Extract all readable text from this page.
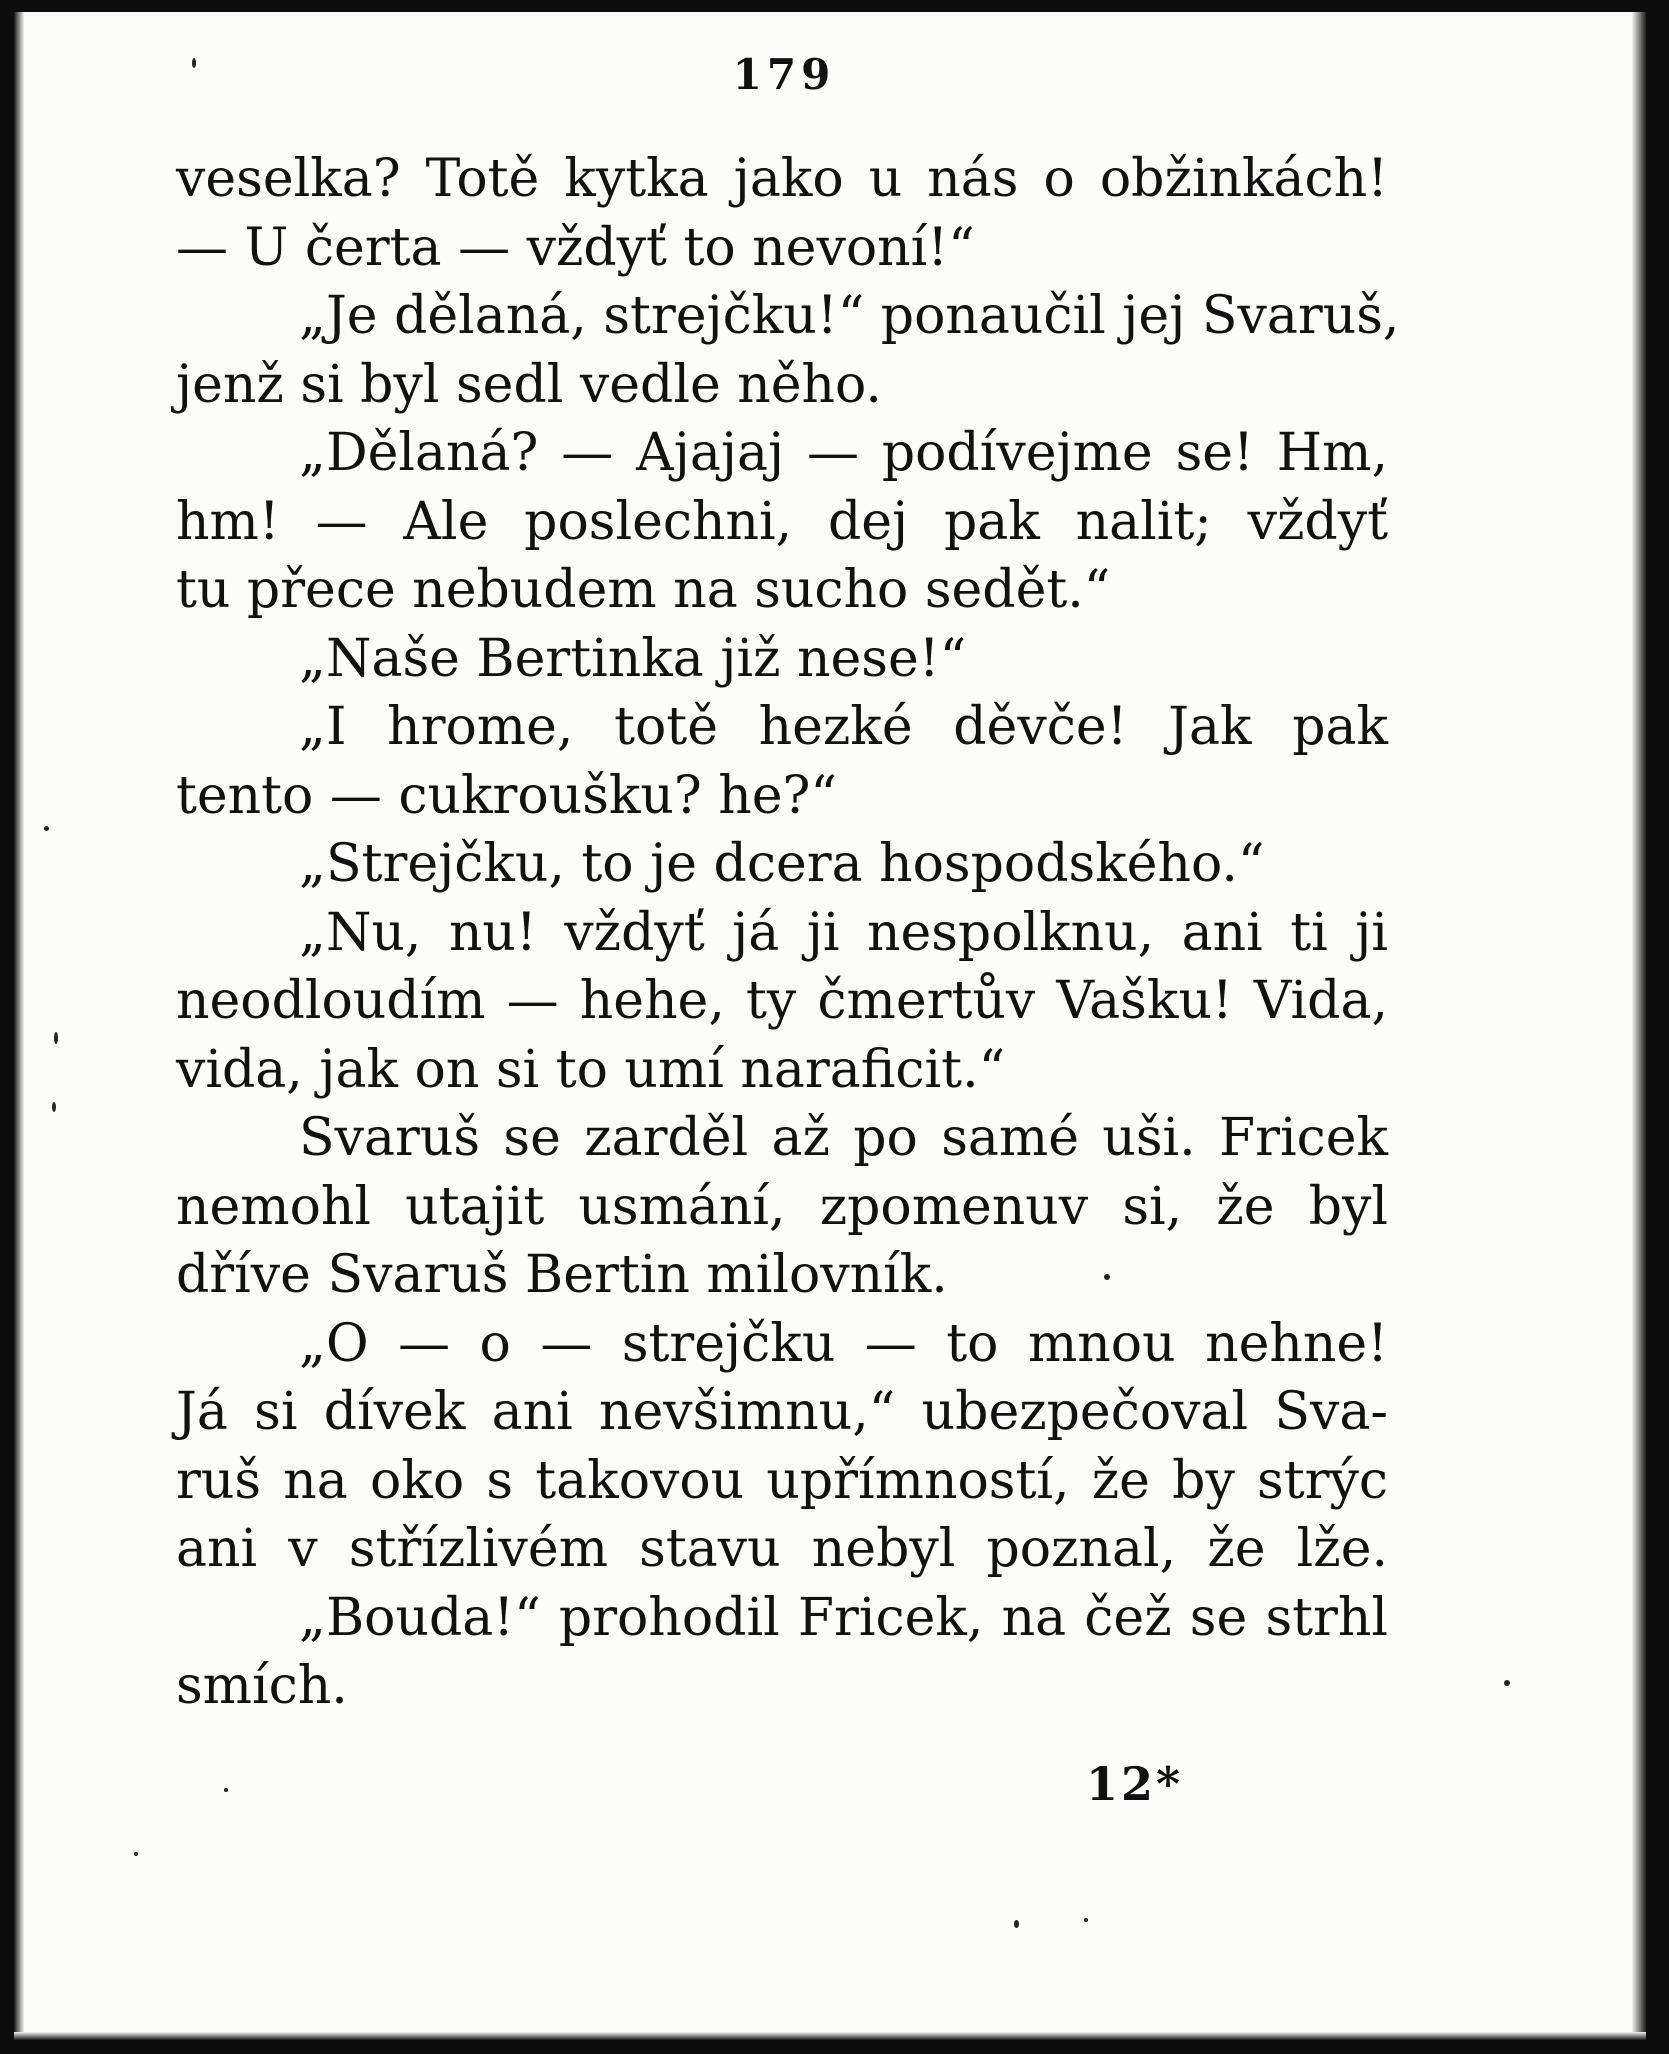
179
veselka? Totě kytka jako u nás o obžinkách!
— U čerta — vždyť to nevoní!“
„Je dělaná, strejčku!“ ponaučil jej Svaruš,
jenž si byl sedl vedle něho.
„Dělaná? — Ajajaj — podívejme se! Hm,
hm! — Ale poslechni, dej pak nalit; vždyť
tu přece nebudem na sucho sedět.“
„Naše Bertinka již nese!“
„I hrome, totě hezké děvče! Jak pak
tento — cukroušku? he?“
„Strejčku, to je dcera hospodského.“
„Nu, nu! vždyť já ji nespolknu, ani ti ji
neodloudím — hehe, ty čmertův Vašku! Vida,
vida, jak on si to umí naraficit.“
Svaruš se zarděl až po samé uši. Fricek
nemohl utajit usmání, zpomenuv si, že byl
dříve Svaruš Bertin milovník.
„O — o — strejčku — to mnou nehne!
Já si dívek ani nevšimnu,“ ubezpečoval Sva-
ruš na oko s takovou upřímností, že by strýc
ani v střízlivém stavu nebyl poznal, že lže.
„Bouda!“ prohodil Fricek, na čež se strhl
smích.
12*
